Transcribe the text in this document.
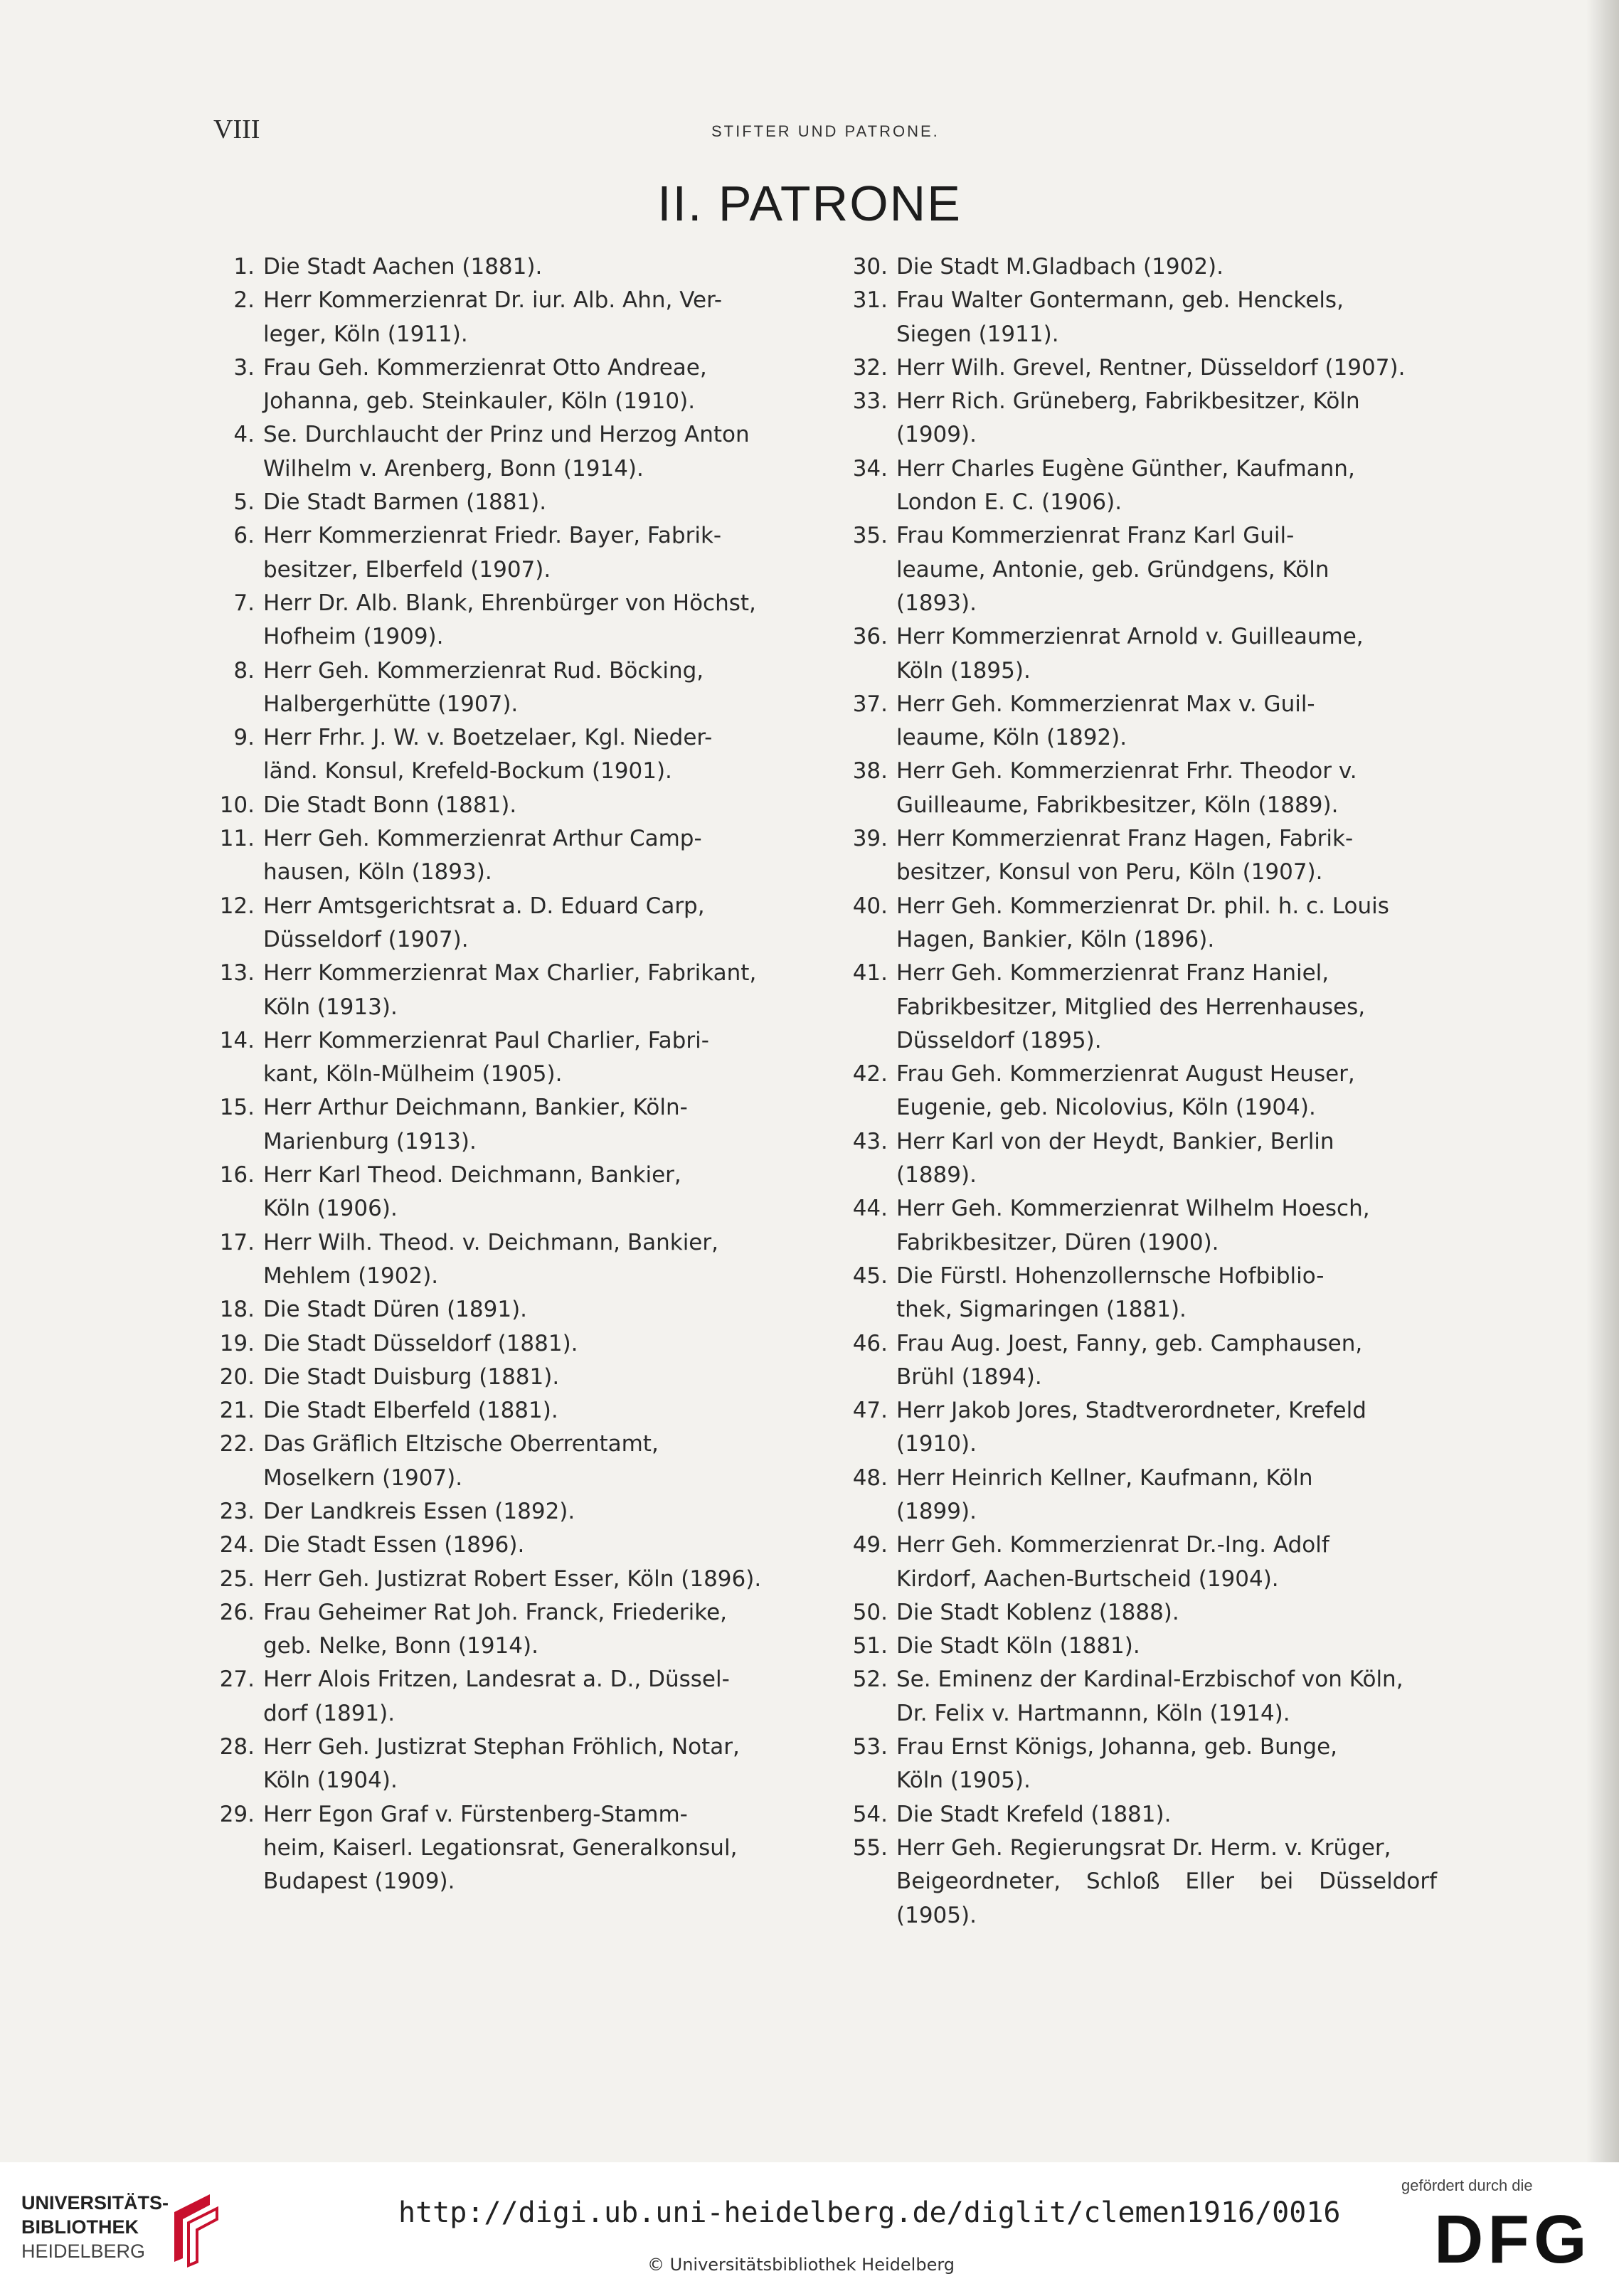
VIII	STIFTER UND PATRONE.
II. PATRONE
1. Die Stadt Aachen (1881).
2. Herr Kommerzienrat Dr. iur. Alb. Ahn, Ver-
leger, Köln (1911).
3. Frau Geh. Kommerzienrat Otto Andreae,
Johanna, geb. Steinkauler, Köln (1910).
4. Se. Durchlaucht der Prinz und Herzog Anton
Wilhelm v. Arenberg, Bonn (1914).
5. Die Stadt Barmen (1881).
6. Herr Kommerzienrat Friedr. Bayer, Fabrik-
besitzer, Elberfeld (1907).
7. Herr Dr. Alb. Blank, Ehrenbürger von Höchst,
Hofheim (1909).
8. Herr Geh. Kommerzienrat Rud. Böcking,
Halbergerhütte (1907).
9. Herr Frhr. J. W. v. Boetzelaer, Kgl. Nieder-
länd. Konsul, Krefeld-Bockum (1901).
10. Die Stadt Bonn (1881).
11. Herr Geh. Kommerzienrat Arthur Camp-
hausen, Köln (1893).
12. Herr Amtsgerichtsrat a. D. Eduard Carp,
Düsseldorf (1907).
13. Herr Kommerzienrat Max Charlier, Fabrikant,
Köln (1913).
14. Herr Kommerzienrat Paul Charlier, Fabri-
kant, Köln-Mülheim (1905).
15. Herr Arthur Deichmann, Bankier, Köln-
Marienburg (1913).
16. Herr Karl Theod. Deichmann, Bankier,
Köln (1906).
17. Herr Wilh. Theod. v. Deichmann, Bankier,
Mehlem (1902).
18. Die Stadt Düren (1891).
19. Die Stadt Düsseldorf (1881).
20. Die Stadt Duisburg (1881).
21. Die Stadt Elberfeld (1881).
22. Das Gräflich Eltzische Oberrentamt,
Moselkern (1907).
23. Der Landkreis Essen (1892).
24. Die Stadt Essen (1896).
25. Herr Geh. Justizrat Robert Esser, Köln (1896).
26. Frau Geheimer Rat Joh. Franck, Friederike,
geb. Nelke, Bonn (1914).
27. Herr Alois Fritzen, Landesrat a. D., Düssel-
dorf (1891).
28. Herr Geh. Justizrat Stephan Fröhlich, Notar,
Köln (1904).
29. Herr Egon Graf v. Fürstenberg-Stamm-
heim, Kaiserl. Legationsrat, Generalkonsul,
Budapest (1909).
30. Die Stadt M.Gladbach (1902).
31. Frau Walter Gontermann, geb. Henckels,
Siegen (1911).
32. Herr Wilh. Grevel, Rentner, Düsseldorf (1907).
33. Herr Rich. Grüneberg, Fabrikbesitzer, Köln
(1909).
34. Herr Charles Eugène Günther, Kaufmann,
London E. C. (1906).
35. Frau Kommerzienrat Franz Karl Guil-
leaume, Antonie, geb. Gründgens, Köln
(1893).
36. Herr Kommerzienrat Arnold v. Guilleaume,
Köln (1895).
37. Herr Geh. Kommerzienrat Max v. Guil-
leaume, Köln (1892).
38. Herr Geh. Kommerzienrat Frhr. Theodor v.
Guilleaume, Fabrikbesitzer, Köln (1889).
39. Herr Kommerzienrat Franz Hagen, Fabrik-
besitzer, Konsul von Peru, Köln (1907).
40. Herr Geh. Kommerzienrat Dr. phil. h. c. Louis
Hagen, Bankier, Köln (1896).
41. Herr Geh. Kommerzienrat Franz Haniel,
Fabrikbesitzer, Mitglied des Herrenhauses,
Düsseldorf (1895).
42. Frau Geh. Kommerzienrat August Heuser,
Eugenie, geb. Nicolovius, Köln (1904).
43. Herr Karl von der Heydt, Bankier, Berlin
(1889).
44. Herr Geh. Kommerzienrat Wilhelm Hoesch,
Fabrikbesitzer, Düren (1900).
45. Die Fürstl. Hohenzollernsche Hofbiblio-
thek, Sigmaringen (1881).
46. Frau Aug. Joest, Fanny, geb. Camphausen,
Brühl (1894).
47. Herr Jakob Jores, Stadtverordneter, Krefeld
(1910).
48. Herr Heinrich Kellner, Kaufmann, Köln
(1899).
49. Herr Geh. Kommerzienrat Dr.-Ing. Adolf
Kirdorf, Aachen-Burtscheid (1904).
50. Die Stadt Koblenz (1888).
51. Die Stadt Köln (1881).
52. Se. Eminenz der Kardinal-Erzbischof von Köln,
Dr. Felix v. Hartmannn, Köln (1914).
53. Frau Ernst Königs, Johanna, geb. Bunge,
Köln (1905).
54. Die Stadt Krefeld (1881).
55. Herr Geh. Regierungsrat Dr. Herm. v. Krüger,
Beigeordneter, Schloß Eller bei Düsseldorf (1905).
UNIVERSITÄTS-
BIBLIOTHEK
HEIDELBERG
http://digi.ub.uni-heidelberg.de/diglit/clemen1916/0016
© Universitätsbibliothek Heidelberg
gefördert durch die
DFG
